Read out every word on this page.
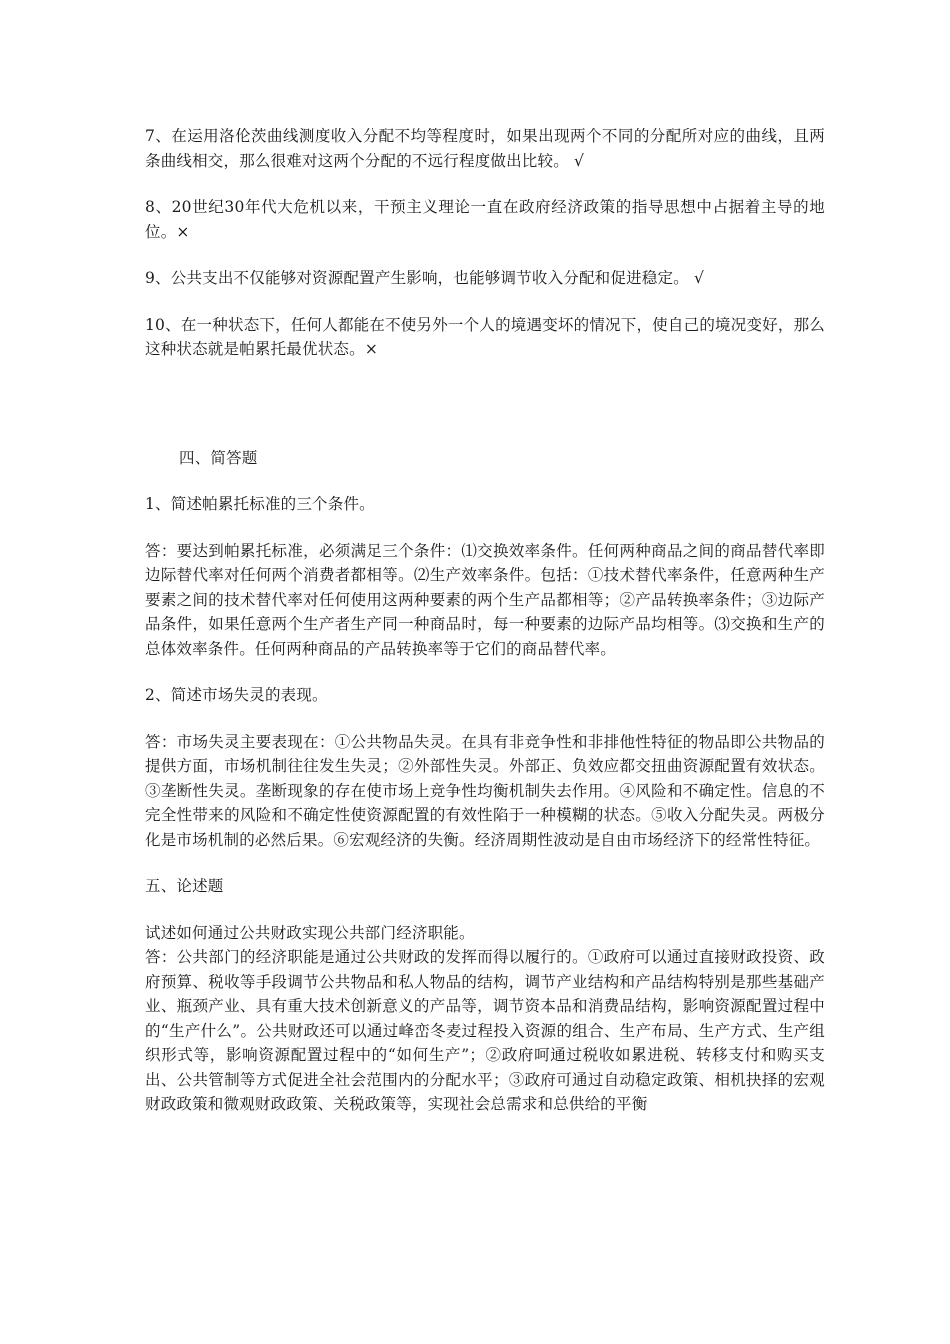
7、在运用洛伦茨曲线测度收入分配不均等程度时，如果出现两个不同的分配所对应的曲线，且两条曲线相交，那么很难对这两个分配的不远行程度做出比较。 √

8、20世纪30年代大危机以来，干预主义理论一直在政府经济政策的指导思想中占据着主导的地位。×

9、公共支出不仅能够对资源配置产生影响，也能够调节收入分配和促进稳定。 √

10、在一种状态下，任何人都能在不使另外一个人的境遇变坏的情况下，使自己的境况变好，那么这种状态就是帕累托最优状态。×

四、简答题

1、简述帕累托标准的三个条件。

答：要达到帕累托标准，必须满足三个条件：⑴交换效率条件。任何两种商品之间的商品替代率即边际替代率对任何两个消费者都相等。⑵生产效率条件。包括：①技术替代率条件，任意两种生产要素之间的技术替代率对任何使用这两种要素的两个生产品都相等；②产品转换率条件；③边际产品条件，如果任意两个生产者生产同一种商品时，每一种要素的边际产品均相等。⑶交换和生产的总体效率条件。任何两种商品的产品转换率等于它们的商品替代率。

2、简述市场失灵的表现。

答：市场失灵主要表现在：①公共物品失灵。在具有非竞争性和非排他性特征的物品即公共物品的提供方面，市场机制往往发生失灵；②外部性失灵。外部正、负效应都交扭曲资源配置有效状态。③垄断性失灵。垄断现象的存在使市场上竞争性均衡机制失去作用。④风险和不确定性。信息的不完全性带来的风险和不确定性使资源配置的有效性陷于一种模糊的状态。⑤收入分配失灵。两极分化是市场机制的必然后果。⑥宏观经济的失衡。经济周期性波动是自由市场经济下的经常性特征。

五、论述题

试述如何通过公共财政实现公共部门经济职能。

答：公共部门的经济职能是通过公共财政的发挥而得以履行的。①政府可以通过直接财政投资、政府预算、税收等手段调节公共物品和私人物品的结构，调节产业结构和产品结构特别是那些基础产业、瓶颈产业、具有重大技术创新意义的产品等，调节资本品和消费品结构，影响资源配置过程中的“生产什么”。公共财政还可以通过峰峦冬麦过程投入资源的组合、生产布局、生产方式、生产组织形式等，影响资源配置过程中的“如何生产”；②政府呵通过税收如累进税、转移支付和购买支出、公共管制等方式促进全社会范围内的分配水平；③政府可通过自动稳定政策、相机抉择的宏观财政政策和微观财政政策、关税政策等，实现社会总需求和总供给的平衡
